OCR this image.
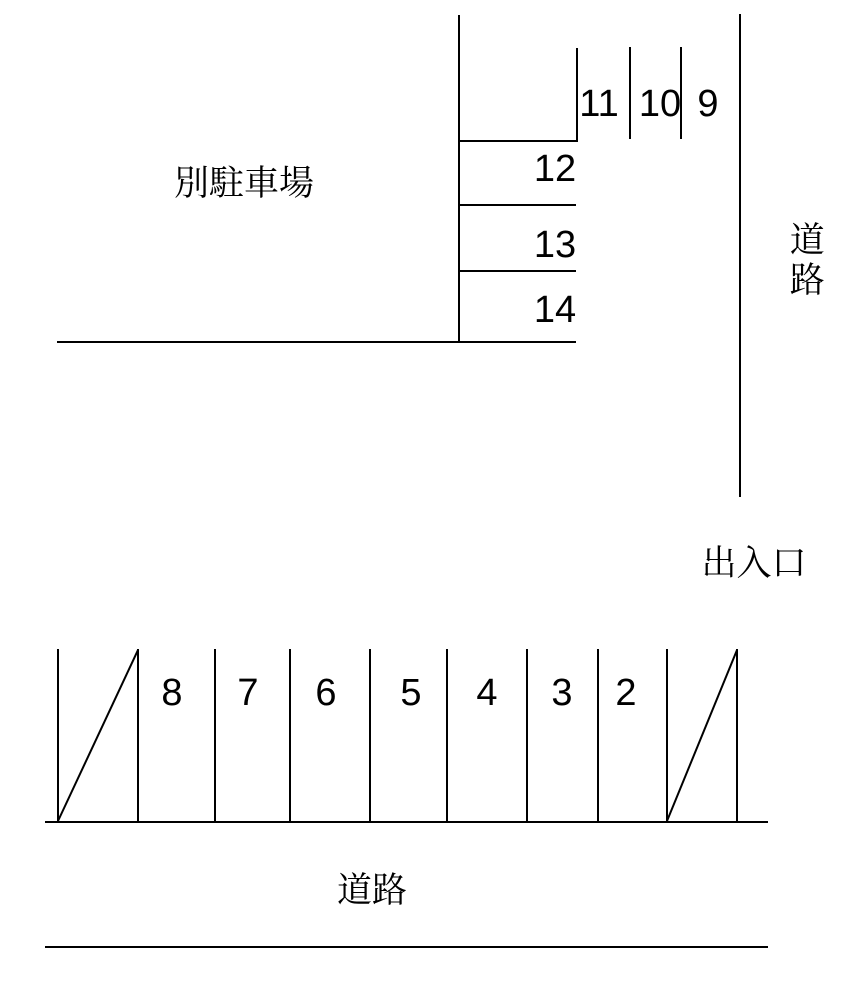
別駐車場
11 10 9
12
13
14
道路
出入口
8 7 6 5 4 3 2
道路
